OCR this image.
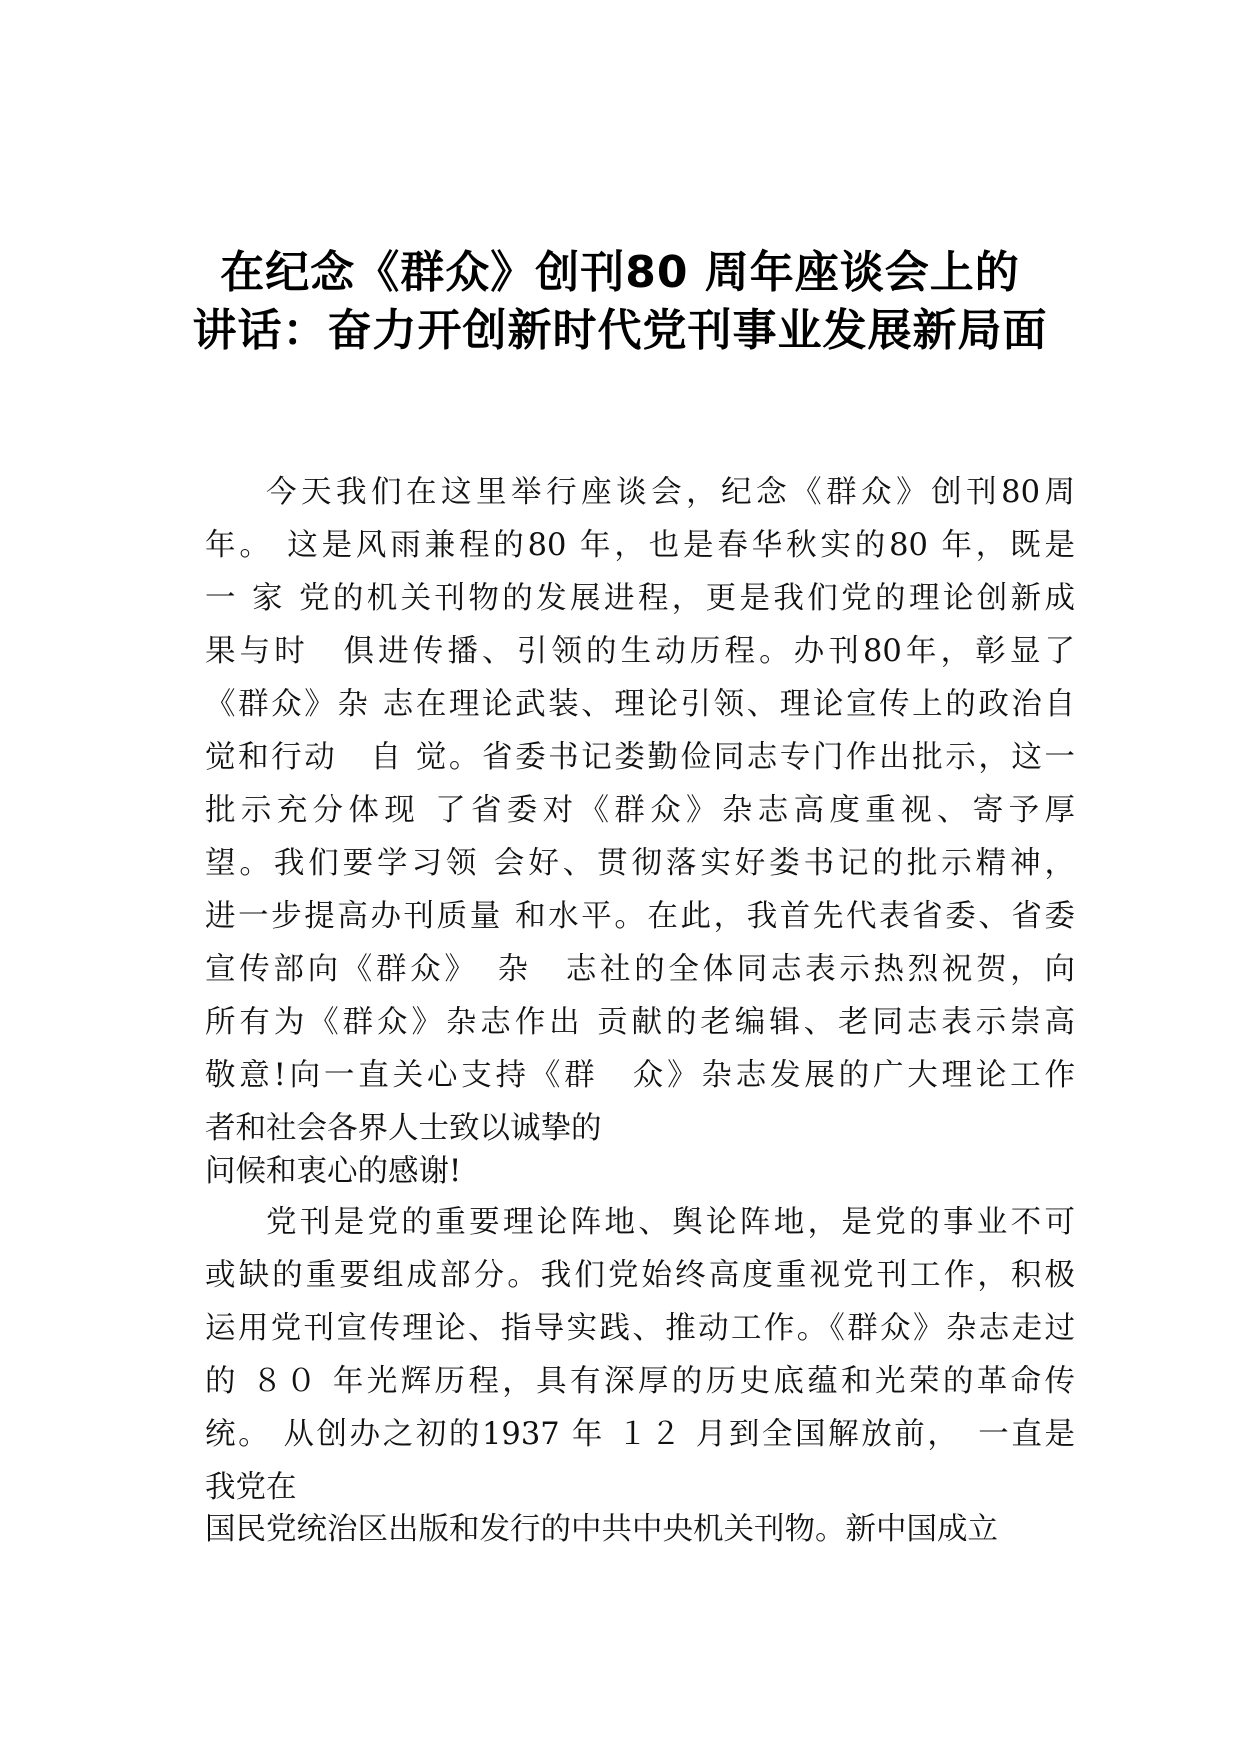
在纪念《群众》创刊80 周年座谈会上的
讲话：奋力开创新时代党刊事业发展新局面
今天我们在这里举行座谈会，纪念《群众》创刊80周
年。 这是风雨兼程的80 年，也是春华秋实的80 年，既是
一 家 党的机关刊物的发展进程，更是我们党的理论创新成
果与时　俱进传播、引领的生动历程。办刊80年，彰显了
《群众》杂 志在理论武装、理论引领、理论宣传上的政治自
觉和行动　自 觉。省委书记娄勤俭同志专门作出批示，这一
批示充分体现 了省委对《群众》杂志高度重视、寄予厚
望。我们要学习领 会好、贯彻落实好娄书记的批示精神，
进一步提高办刊质量 和水平。在此，我首先代表省委、省委
宣传部向《群众》　杂　志社的全体同志表示热烈祝贺，向
所有为《群众》杂志作出 贡献的老编辑、老同志表示崇高
敬意!向一直关心支持《群　众》杂志发展的广大理论工作
者和社会各界人士致以诚挚的
问候和衷心的感谢!
党刊是党的重要理论阵地、舆论阵地，是党的事业不可
或缺的重要组成部分。我们党始终高度重视党刊工作，积极
运用党刊宣传理论、指导实践、推动工作。《群众》杂志走过
的 ８０ 年光辉历程，具有深厚的历史底蕴和光荣的革命传
统。 从创办之初的1937 年 １２ 月到全国解放前，　一直是
我党在
国民党统治区出版和发行的中共中央机关刊物。新中国成立
